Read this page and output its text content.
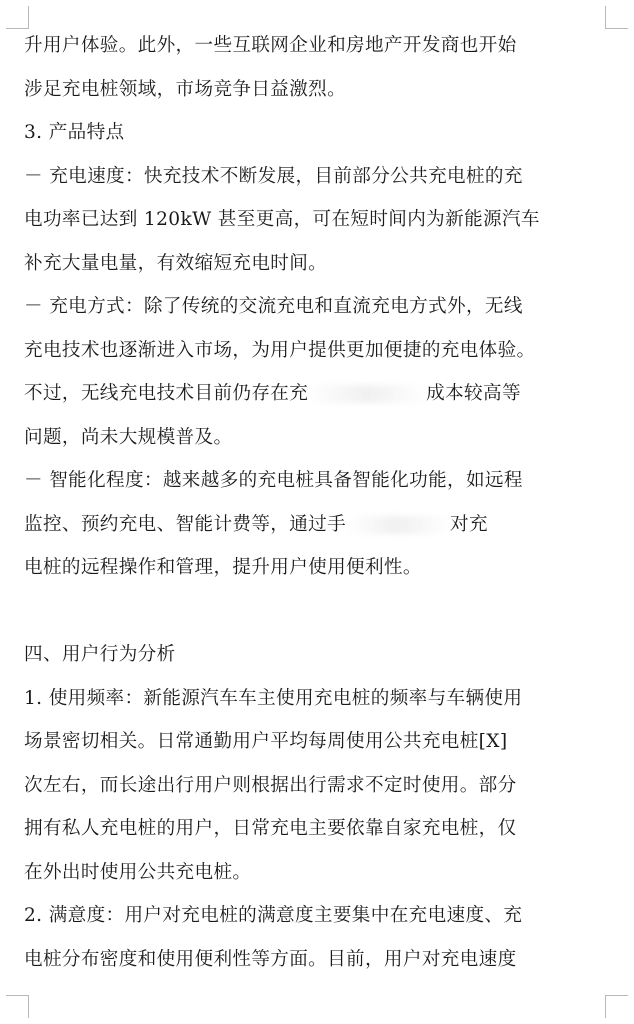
升用户体验。此外，一些互联网企业和房地产开发商也开始
涉足充电桩领域，市场竞争日益激烈。
3. 产品特点
－ 充电速度：快充技术不断发展，目前部分公共充电桩的充
电功率已达到 120kW 甚至更高，可在短时间内为新能源汽车
补充大量电量，有效缩短充电时间。
－ 充电方式：除了传统的交流充电和直流充电方式外，无线
充电技术也逐渐进入市场，为用户提供更加便捷的充电体验。
不过，无线充电技术目前仍存在充	成本较高等
问题，尚未大规模普及。
－ 智能化程度：越来越多的充电桩具备智能化功能，如远程
监控、预约充电、智能计费等，通过手	对充
电桩的远程操作和管理，提升用户使用便利性。
四、用户行为分析
1. 使用频率：新能源汽车车主使用充电桩的频率与车辆使用
场景密切相关。日常通勤用户平均每周使用公共充电桩[X]
次左右，而长途出行用户则根据出行需求不定时使用。部分
拥有私人充电桩的用户，日常充电主要依靠自家充电桩，仅
在外出时使用公共充电桩。
2. 满意度：用户对充电桩的满意度主要集中在充电速度、充
电桩分布密度和使用便利性等方面。目前，用户对充电速度
